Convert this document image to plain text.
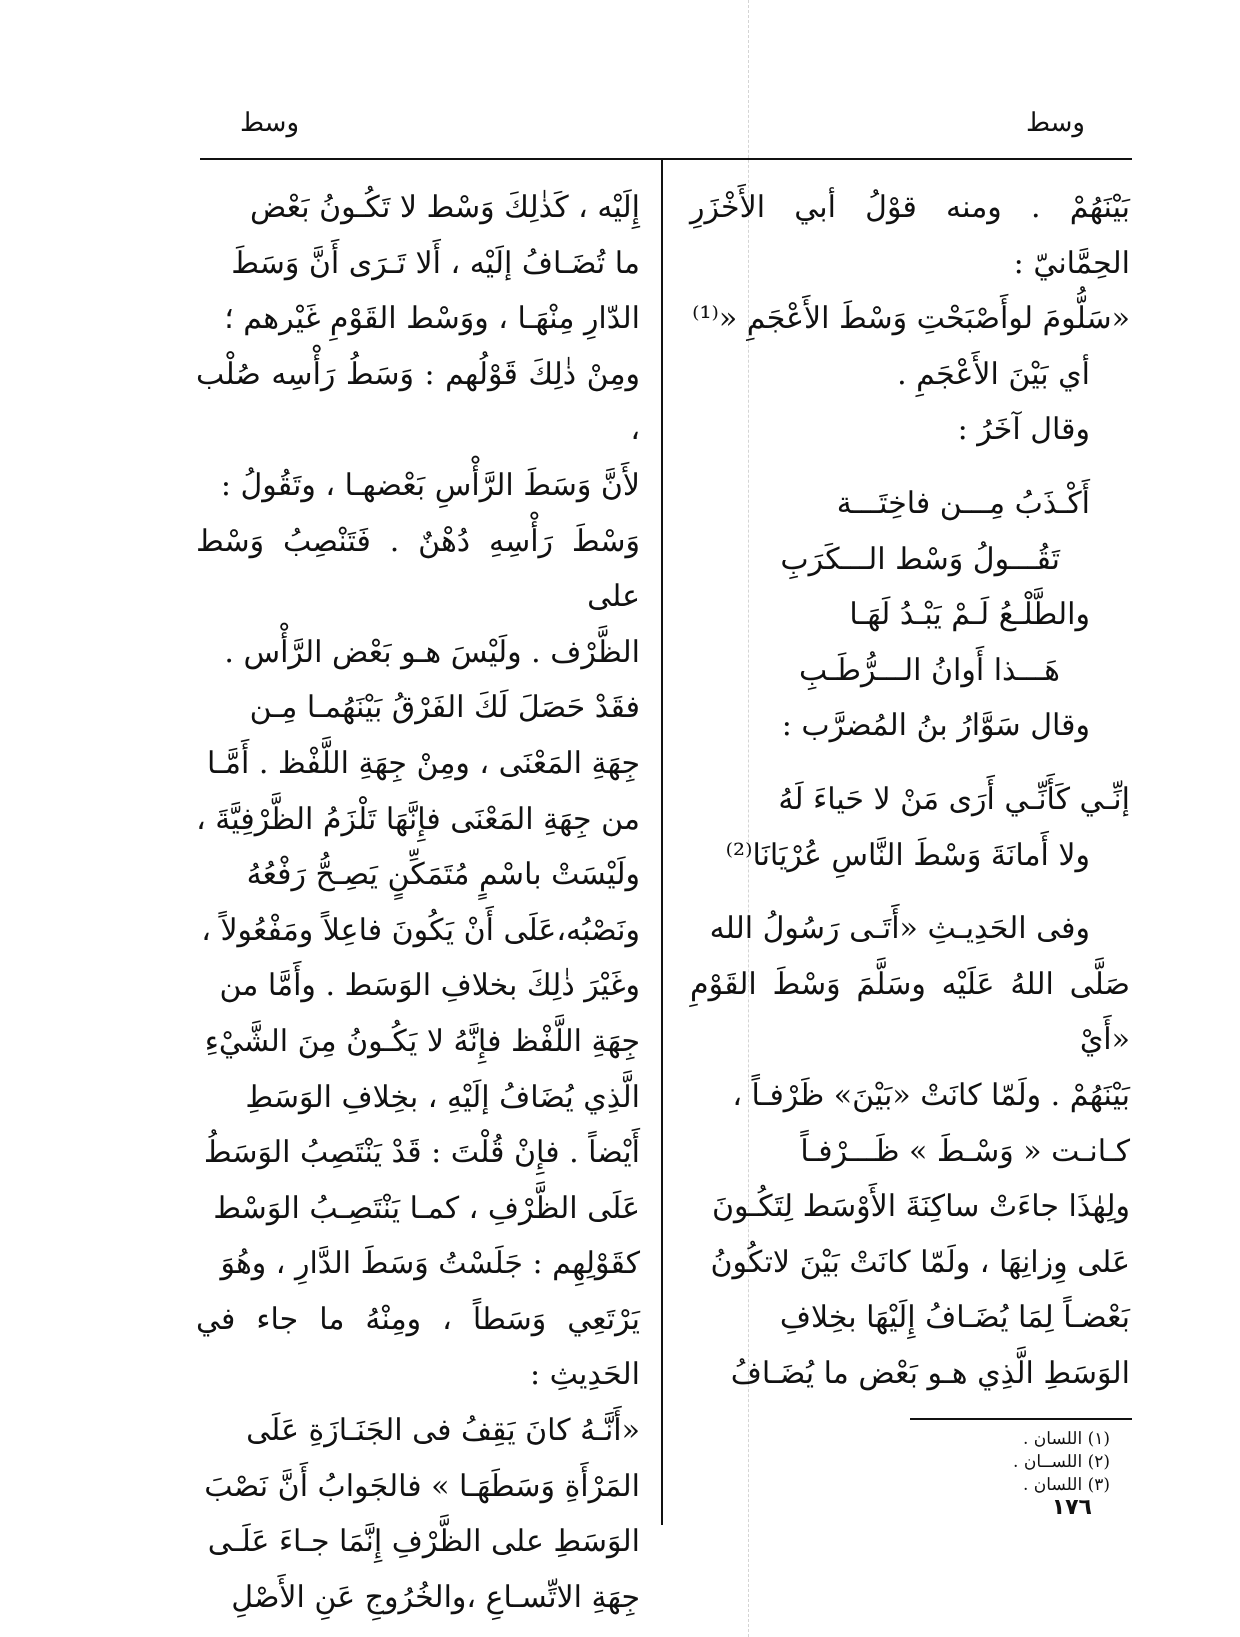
وسط
وسط

بَيْنَهُمْ . ومنه قوْلُ أبي الأَخْزَرِ الحِمَّانيّ :

«سَلُّومَ لوأَصْبَحْتِ وَسْطَ الأَعْجَمِ «⁽¹⁾

أي بَيْنَ الأَعْجَمِ .

وقال آخَرُ :

أَكْـذَبُ مِـــن فاخِتَـــة

تَقُـــولُ وَسْط الـــكَرَبِ

والطَّلْـعُ لَـمْ يَبْـدُ لَهَـا

هَـــذا أَوانُ الـــرُّطَـبِ

وقال سَوَّارُ بنُ المُضرَّب :

إنِّـي كَأَنِّـي أَرَى مَنْ لا حَياءَ لَهُ

ولا أَمانَةَ وَسْطَ النَّاسِ عُرْيَانَا⁽²⁾

وفى الحَدِيـثِ «أَتَـى رَسُولُ الله

صَلَّى اللهُ عَلَيْه وسَلَّمَ وَسْطَ القَوْمِ «أَيْ

بَيْنَهُمْ . ولَمّا كانَتْ «بَيْنَ» ظَرْفـاً ،

كـانـت « وَسْـطَ » ظَـــرْفـاً

ولِهٰذَا جاءَتْ ساكِنَةَ الأَوْسَط لِتَكُـونَ

عَلى وِزانِهَا ، ولَمّا كانَتْ بَيْنَ لاتكُونُ

بَعْضـاً لِمَا يُضَـافُ إِلَيْهَا بخِلافِ

الوَسَطِ الَّذِي هـو بَعْض ما يُضَـافُ

إِلَيْه ، كَذٰلِكَ وَسْط لا تَكُـونُ بَعْض

ما تُضَـافُ إلَيْه ، أَلا تَـرَى أَنَّ وَسَطَ

الدّارِ مِنْهَـا ، ووَسْط القَوْمِ غَيْرهم ؛

ومِنْ ذٰلِكَ قَوْلُهم : وَسَطُ رَأْسِه صُلْب ،

لأَنَّ وَسَطَ الرَّأْسِ بَعْضهـا ، وتَقُولُ :

وَسْطَ رَأْسِهِ دُهْنٌ . فَتَنْصِبُ وَسْط على

الظَّرْف . ولَيْسَ هـو بَعْض الرَّأْس .

فقَدْ حَصَلَ لَكَ الفَرْقُ بَيْنَهُمـا مِـن

جِهَةِ المَعْنَى ، ومِنْ جِهَةِ اللَّفْظ . أَمَّـا

من جِهَةِ المَعْنَى فإِنَّهَا تَلْزَمُ الظَّرْفِيَّةَ ،

ولَيْسَتْ باسْمٍ مُتَمَكِّنٍ يَصِـحُّ رَفْعُهُ

ونَصْبُه،عَلَى أَنْ يَكُونَ فاعِلاً ومَفْعُولاً ،

وغَيْرَ ذٰلِكَ بخلافِ الوَسَط . وأَمَّا من

جِهَةِ اللَّفْظ فإِنَّهُ لا يَكُـونُ مِنَ الشَّيْءِ

الَّذِي يُضَافُ إلَيْهِ ، بخِلافِ الوَسَطِ

أَيْضاً . فإِنْ قُلْتَ : قَدْ يَنْتَصِبُ الوَسَطُ

عَلَى الظَّرْفِ ، كمـا يَنْتَصِـبُ الوَسْط

كقَوْلِهِم : جَلَسْتُ وَسَطَ الدَّارِ ، وهُوَ

يَرْتَعِي وَسَطاً ، ومِنْهُ ما جاء في الحَدِيثِ :

«أَنَّـهُ كانَ يَقِفُ فى الجَنَـازَةِ عَلَى

المَرْأَةِ وَسَطَهَـا » فالجَوابُ أَنَّ نَصْبَ

الوَسَطِ على الظَّرْفِ إِنَّمَا جـاءَ عَلَـى

جِهَةِ الاتِّسـاعِ ،والخُرُوجِ عَنِ الأَصْلِ

(١) اللسان .
(٢) اللســان .
(٣) اللسان .
١٧٦
